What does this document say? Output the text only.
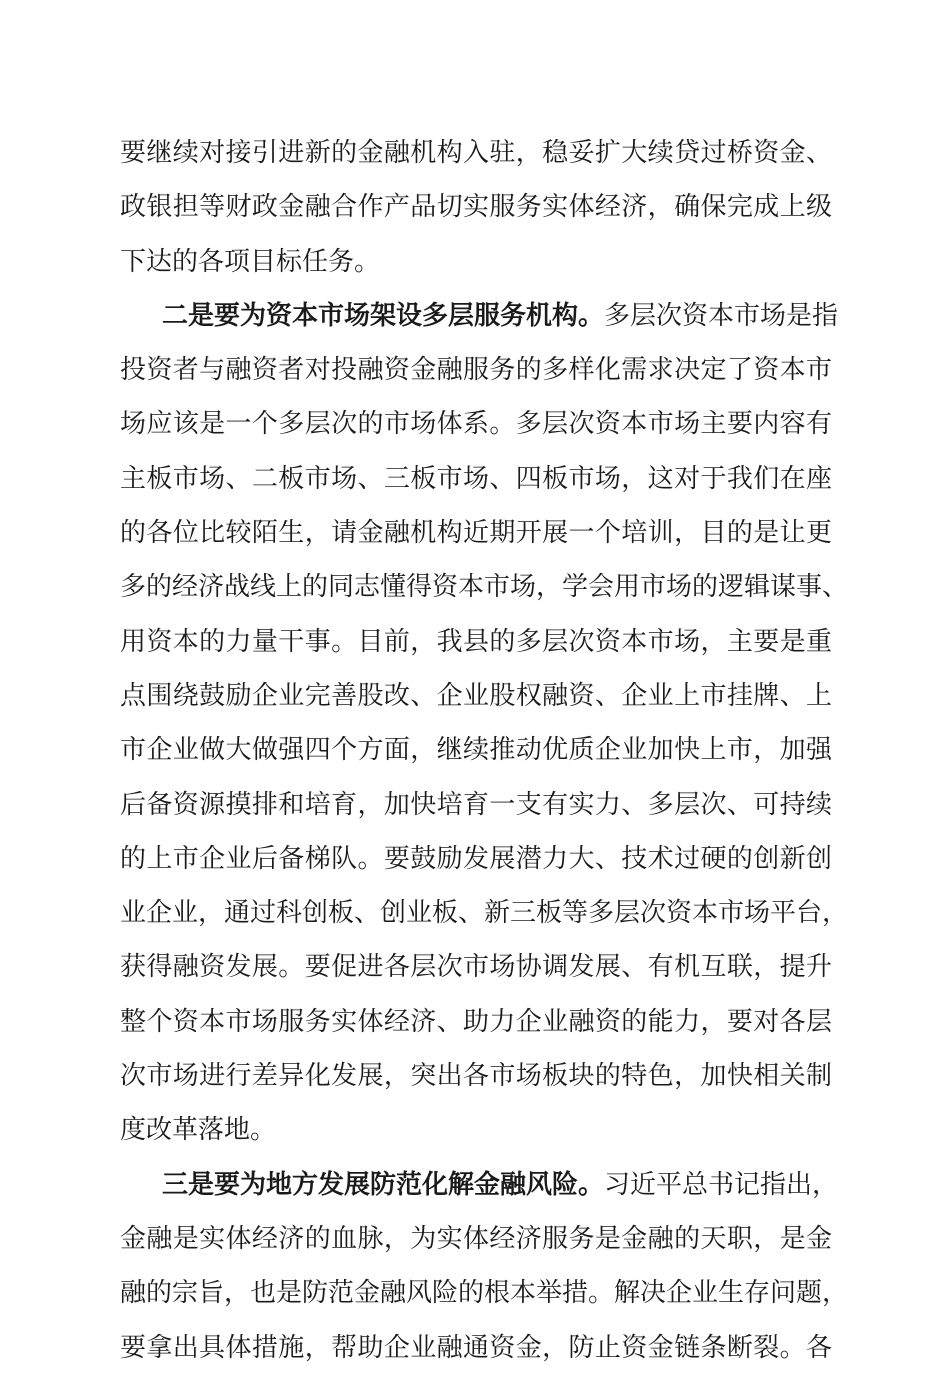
要继续对接引进新的金融机构入驻，稳妥扩大续贷过桥资金、
政银担等财政金融合作产品切实服务实体经济，确保完成上级
下达的各项目标任务。
二是要为资本市场架设多层服务机构。多层次资本市场是指
投资者与融资者对投融资金融服务的多样化需求决定了资本市
场应该是一个多层次的市场体系。多层次资本市场主要内容有
主板市场、二板市场、三板市场、四板市场，这对于我们在座
的各位比较陌生，请金融机构近期开展一个培训，目的是让更
多的经济战线上的同志懂得资本市场，学会用市场的逻辑谋事、
用资本的力量干事。目前，我县的多层次资本市场，主要是重
点围绕鼓励企业完善股改、企业股权融资、企业上市挂牌、上
市企业做大做强四个方面，继续推动优质企业加快上市，加强
后备资源摸排和培育，加快培育一支有实力、多层次、可持续
的上市企业后备梯队。要鼓励发展潜力大、技术过硬的创新创
业企业，通过科创板、创业板、新三板等多层次资本市场平台，
获得融资发展。要促进各层次市场协调发展、有机互联，提升
整个资本市场服务实体经济、助力企业融资的能力，要对各层
次市场进行差异化发展，突出各市场板块的特色，加快相关制
度改革落地。
三是要为地方发展防范化解金融风险。习近平总书记指出，
金融是实体经济的血脉，为实体经济服务是金融的天职，是金
融的宗旨，也是防范金融风险的根本举措。解决企业生存问题，
要拿出具体措施，帮助企业融通资金，防止资金链条断裂。各
